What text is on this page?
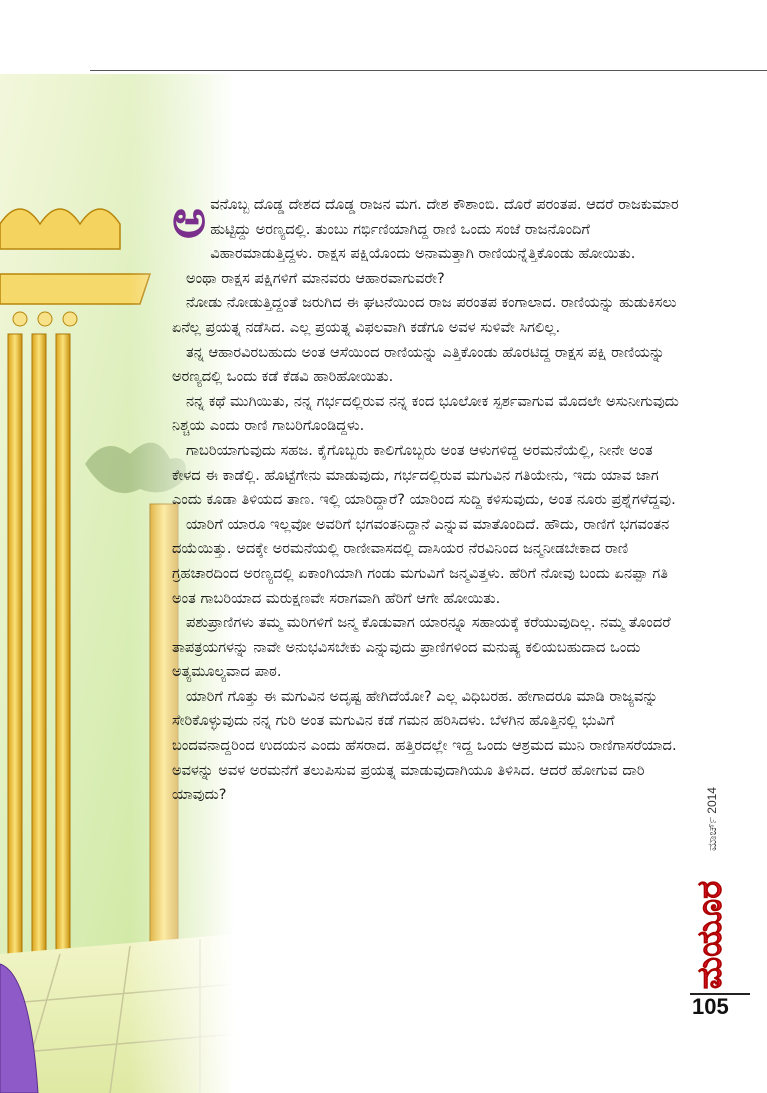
ಅವನೊಬ್ಬ ದೊಡ್ಡ ದೇಶದ ದೊಡ್ಡ ರಾಜನ ಮಗ. ದೇಶ ಕೌಶಾಂಬಿ. ದೊರೆ ಪರಂತಪ. ಆದರೆ ರಾಜಕುಮಾರ ಹುಟ್ಟಿದ್ದು ಅರಣ್ಯದಲ್ಲಿ. ತುಂಬು ಗರ್ಭಿಣಿಯಾಗಿದ್ದ ರಾಣಿ ಒಂದು ಸಂಜೆ ರಾಜನೊಂದಿಗೆ ವಿಹಾರಮಾಡುತ್ತಿದ್ದಳು. ರಾಕ್ಷಸ ಪಕ್ಷಿಯೊಂದು ಅನಾಮತ್ತಾಗಿ ರಾಣಿಯನ್ನೆತ್ತಿಕೊಂಡು ಹೋಯಿತು.

ಅಂಥಾ ರಾಕ್ಷಸ ಪಕ್ಷಿಗಳಿಗೆ ಮಾನವರು ಆಹಾರವಾಗುವರೇ?

ನೋಡು ನೋಡುತ್ತಿದ್ದಂತೆ ಜರುಗಿದ ಈ ಘಟನೆಯಿಂದ ರಾಜ ಪರಂತಪ ಕಂಗಾಲಾದ. ರಾಣಿಯನ್ನು ಹುಡುಕಿಸಲು ಏನೆಲ್ಲ ಪ್ರಯತ್ನ ನಡೆಸಿದ. ಎಲ್ಲ ಪ್ರಯತ್ನ ವಿಫಲವಾಗಿ ಕಡೆಗೂ ಅವಳ ಸುಳಿವೇ ಸಿಗಲಿಲ್ಲ.

ತನ್ನ ಆಹಾರವಿರಬಹುದು ಅಂತ ಆಸೆಯಿಂದ ರಾಣಿಯನ್ನು ಎತ್ತಿಕೊಂಡು ಹೊರಟಿದ್ದ ರಾಕ್ಷಸ ಪಕ್ಷಿ ರಾಣಿಯನ್ನು ಅರಣ್ಯದಲ್ಲಿ ಒಂದು ಕಡೆ ಕೆಡವಿ ಹಾರಿಹೋಯಿತು.

ನನ್ನ ಕಥೆ ಮುಗಿಯಿತು, ನನ್ನ ಗರ್ಭದಲ್ಲಿರುವ ನನ್ನ ಕಂದ ಭೂಲೋಕ ಸ್ಪರ್ಶವಾಗುವ ಮೊದಲೇ ಅಸುನೀಗುವುದು ನಿಶ್ಚಯ ಎಂದು ರಾಣಿ ಗಾಬರಿಗೊಂಡಿದ್ದಳು.

ಗಾಬರಿಯಾಗುವುದು ಸಹಜ. ಕೈಗೊಬ್ಬರು ಕಾಲಿಗೊಬ್ಬರು ಅಂತ ಆಳುಗಳಿದ್ದ ಅರಮನೆಯೆಲ್ಲಿ, ನೀನೇ ಅಂತ ಕೇಳದ ಈ ಕಾಡೆಲ್ಲಿ. ಹೊಟ್ಟೆಗೇನು ಮಾಡುವುದು, ಗರ್ಭದಲ್ಲಿರುವ ಮಗುವಿನ ಗತಿಯೇನು, ಇದು ಯಾವ ಜಾಗ ಎಂದು ಕೂಡಾ ತಿಳಿಯದ ತಾಣ. ಇಲ್ಲಿ ಯಾರಿದ್ದಾರೆ? ಯಾರಿಂದ ಸುದ್ದಿ ಕಳಿಸುವುದು, ಅಂತ ನೂರು ಪ್ರಶ್ನೆಗಳೆದ್ದವು.

ಯಾರಿಗೆ ಯಾರೂ ಇಲ್ಲವೋ ಅವರಿಗೆ ಭಗವಂತನಿದ್ದಾನೆ ಎನ್ನುವ ಮಾತೊಂದಿದೆ. ಹೌದು, ರಾಣಿಗೆ ಭಗವಂತನ ದಯೆಯಿತ್ತು. ಅದಕ್ಕೇ ಅರಮನೆಯಲ್ಲಿ ರಾಣೀವಾಸದಲ್ಲಿ ದಾಸಿಯರ ನೆರವಿನಿಂದ ಜನ್ಮನೀಡಬೇಕಾದ ರಾಣಿ ಗ್ರಹಚಾರದಿಂದ ಅರಣ್ಯದಲ್ಲಿ ಏಕಾಂಗಿಯಾಗಿ ಗಂಡು ಮಗುವಿಗೆ ಜನ್ಮವಿತ್ತಳು. ಹೆರಿಗೆ ನೋವು ಬಂದು ಏನಪ್ಪಾ ಗತಿ ಅಂತ ಗಾಬರಿಯಾದ ಮರುಕ್ಷಣವೇ ಸರಾಗವಾಗಿ ಹೆರಿಗೆ ಆಗೇ ಹೋಯಿತು.

ಪಶುಪ್ರಾಣಿಗಳು ತಮ್ಮ ಮರಿಗಳಿಗೆ ಜನ್ಮ ಕೊಡುವಾಗ ಯಾರನ್ನೂ ಸಹಾಯಕ್ಕೆ ಕರೆಯುವುದಿಲ್ಲ. ನಮ್ಮ ತೊಂದರೆ ತಾಪತ್ರಯಗಳನ್ನು ನಾವೇ ಅನುಭವಿಸಬೇಕು ಎನ್ನುವುದು ಪ್ರಾಣಿಗಳಿಂದ ಮನುಷ್ಯ ಕಲಿಯಬಹುದಾದ ಒಂದು ಅತ್ಯಮೂಲ್ಯವಾದ ಪಾಠ.

ಯಾರಿಗೆ ಗೊತ್ತು ಈ ಮಗುವಿನ ಅದೃಷ್ಟ ಹೇಗಿದೆಯೋ? ಎಲ್ಲ ವಿಧಿಬರಹ. ಹೇಗಾದರೂ ಮಾಡಿ ರಾಜ್ಯವನ್ನು ಸೇರಿಕೊಳ್ಳುವುದು ನನ್ನ ಗುರಿ ಅಂತ ಮಗುವಿನ ಕಡೆ ಗಮನ ಹರಿಸಿದಳು. ಬೆಳಗಿನ ಹೊತ್ತಿನಲ್ಲಿ ಭುವಿಗೆ ಬಂದವನಾದ್ದರಿಂದ ಉದಯನ ಎಂದು ಹೆಸರಾದ. ಹತ್ತಿರದಲ್ಲೇ ಇದ್ದ ಒಂದು ಆಶ್ರಮದ ಮುನಿ ರಾಣಿಗಾಸರೆಯಾದ. ಅವಳನ್ನು ಅವಳ ಅರಮನೆಗೆ ತಲುಪಿಸುವ ಪ್ರಯತ್ನ ಮಾಡುವುದಾಗಿಯೂ ತಿಳಿಸಿದ. ಆದರೆ ಹೋಗುವ ದಾರಿ ಯಾವುದು?	ಮಾರ್ಚ್ 2014
ಮಯೂರ
105
